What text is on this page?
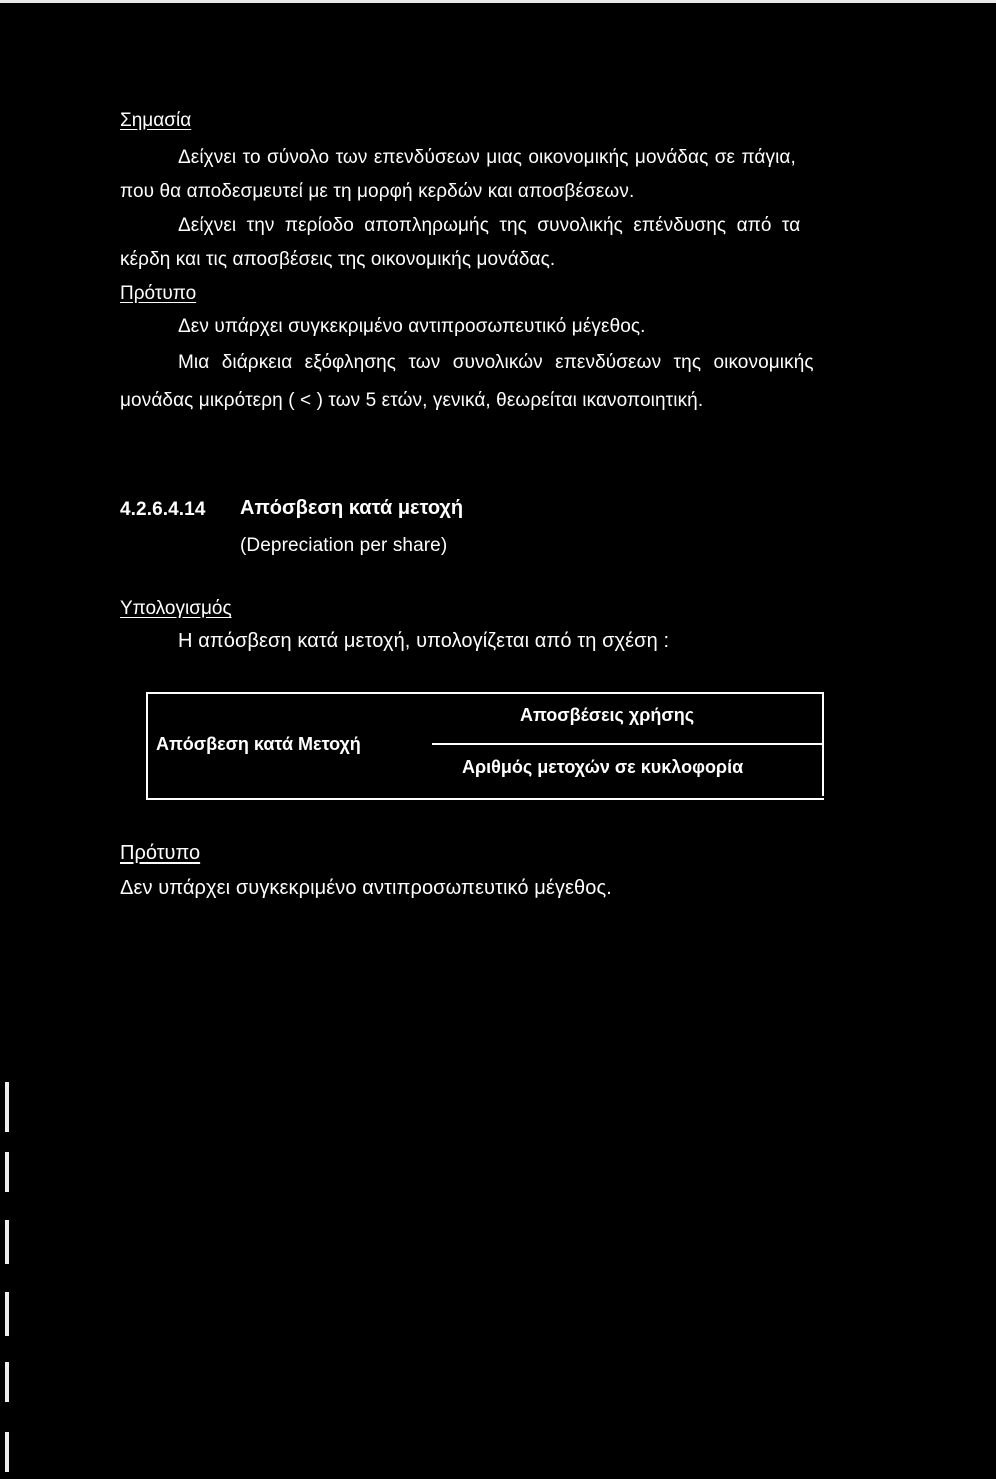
Σημασία
Δείχνει το σύνολο των επενδύσεων μιας οικονομικής μονάδας σε πάγια,
που θα αποδεσμευτεί με τη μορφή κερδών και αποσβέσεων.
Δείχνει την περίοδο αποπληρωμής της συνολικής επένδυσης από τα
κέρδη και τις αποσβέσεις της οικονομικής μονάδας.
Πρότυπο
Δεν υπάρχει συγκεκριμένο αντιπροσωπευτικό μέγεθος.
Μια διάρκεια εξόφλησης των συνολικών επενδύσεων της οικονομικής
μονάδας μικρότερη ( < ) των 5 ετών, γενικά, θεωρείται ικανοποιητική.
4.2.6.4.14 Απόσβεση κατά μετοχή
(Depreciation per share)
Υπολογισμός
Η απόσβεση κατά μετοχή, υπολογίζεται από τη σχέση :
Απόσβεση κατά Μετοχή
Αποσβέσεις χρήσης
Αριθμός μετοχών σε κυκλοφορία
Πρότυπο
Δεν υπάρχει συγκεκριμένο αντιπροσωπευτικό μέγεθος.
